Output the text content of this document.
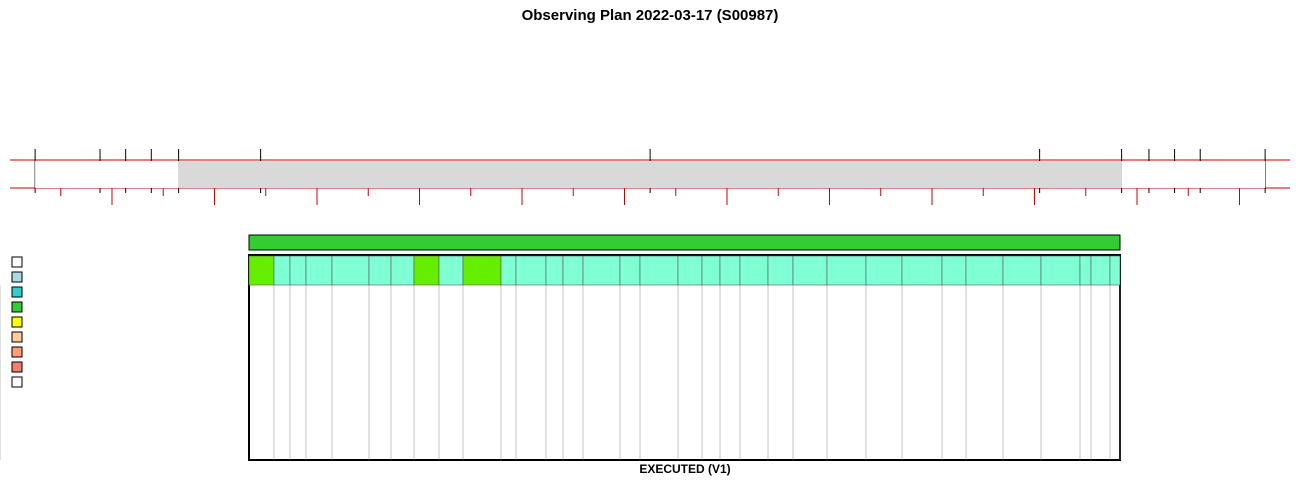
Observing Plan 2022-03-17 (S00987)
EXECUTED (V1)
